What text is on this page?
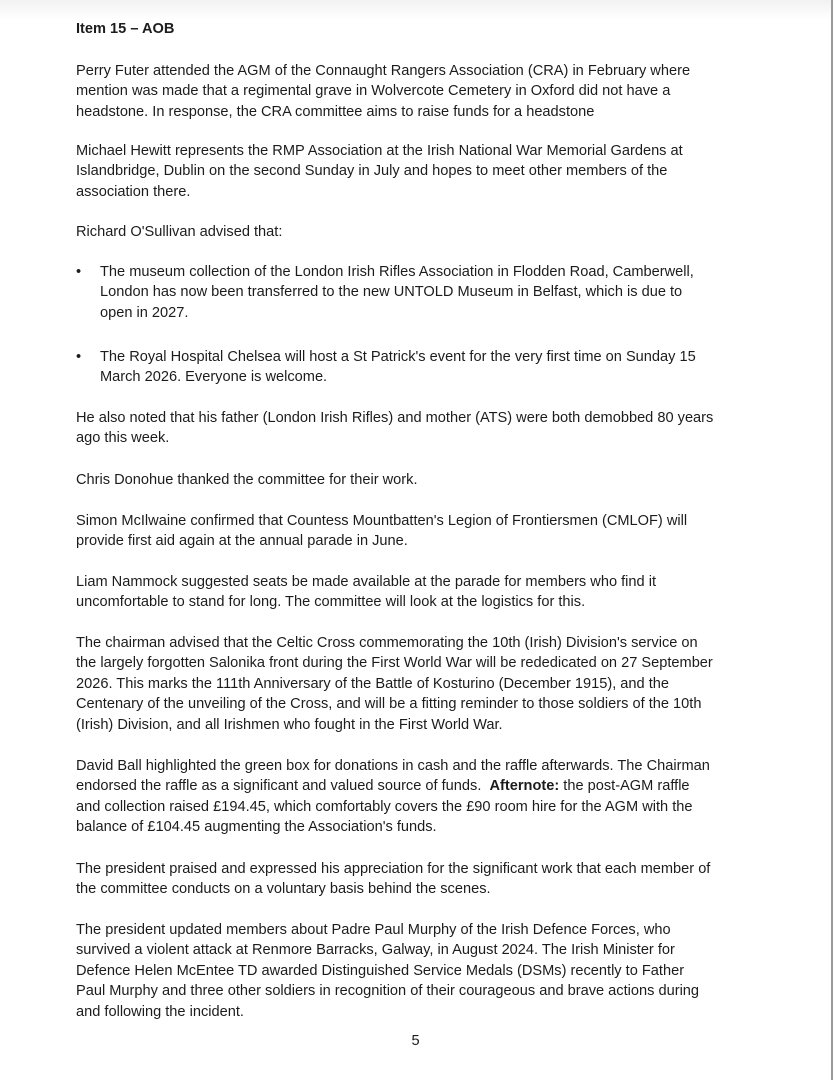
Item 15 – AOB
Perry Futer attended the AGM of the Connaught Rangers Association (CRA) in February where
mention was made that a regimental grave in Wolvercote Cemetery in Oxford did not have a
headstone. In response, the CRA committee aims to raise funds for a headstone
Michael Hewitt represents the RMP Association at the Irish National War Memorial Gardens at
Islandbridge, Dublin on the second Sunday in July and hopes to meet other members of the
association there.
Richard O'Sullivan advised that:
• The museum collection of the London Irish Rifles Association in Flodden Road, Camberwell,
London has now been transferred to the new UNTOLD Museum in Belfast, which is due to
open in 2027.
• The Royal Hospital Chelsea will host a St Patrick's event for the very first time on Sunday 15
March 2026. Everyone is welcome.
He also noted that his father (London Irish Rifles) and mother (ATS) were both demobbed 80 years
ago this week.
Chris Donohue thanked the committee for their work.
Simon McIlwaine confirmed that Countess Mountbatten's Legion of Frontiersmen (CMLOF) will
provide first aid again at the annual parade in June.
Liam Nammock suggested seats be made available at the parade for members who find it
uncomfortable to stand for long. The committee will look at the logistics for this.
The chairman advised that the Celtic Cross commemorating the 10th (Irish) Division's service on
the largely forgotten Salonika front during the First World War will be rededicated on 27 September
2026. This marks the 111th Anniversary of the Battle of Kosturino (December 1915), and the
Centenary of the unveiling of the Cross, and will be a fitting reminder to those soldiers of the 10th
(Irish) Division, and all Irishmen who fought in the First World War.
David Ball highlighted the green box for donations in cash and the raffle afterwards. The Chairman
endorsed the raffle as a significant and valued source of funds.  Afternote: the post-AGM raffle
and collection raised £194.45, which comfortably covers the £90 room hire for the AGM with the
balance of £104.45 augmenting the Association's funds.
The president praised and expressed his appreciation for the significant work that each member of
the committee conducts on a voluntary basis behind the scenes.
The president updated members about Padre Paul Murphy of the Irish Defence Forces, who
survived a violent attack at Renmore Barracks, Galway, in August 2024. The Irish Minister for
Defence Helen McEntee TD awarded Distinguished Service Medals (DSMs) recently to Father
Paul Murphy and three other soldiers in recognition of their courageous and brave actions during
and following the incident.
5
